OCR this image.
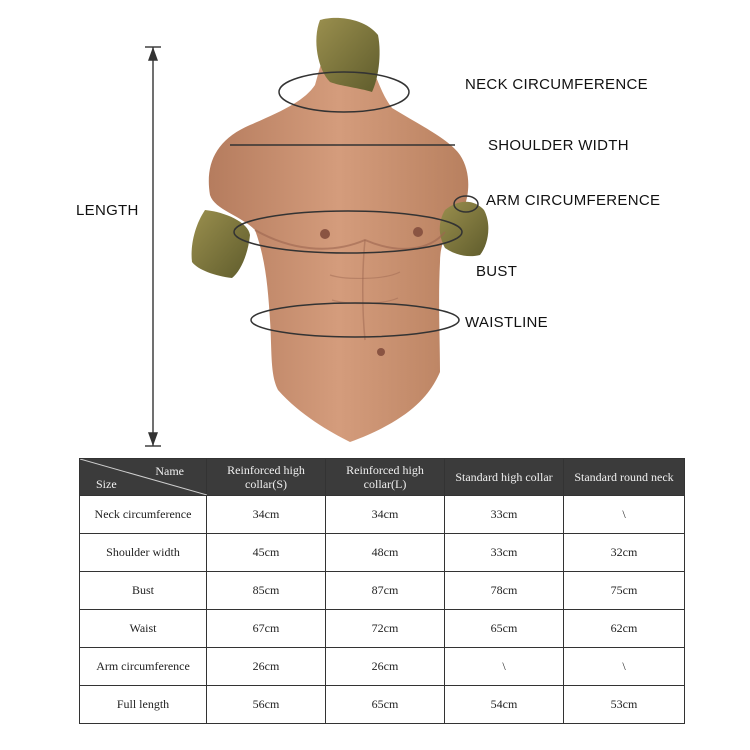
LENGTH
NECK CIRCUMFERENCE
SHOULDER WIDTH
ARM CIRCUMFERENCE
BUST
WAISTLINE
Name
Size	Reinforced high collar(S)	Reinforced high collar(L)	Standard high collar	Standard round neck
Neck circumference	34cm	34cm	33cm	\
Shoulder width	45cm	48cm	33cm	32cm
Bust	85cm	87cm	78cm	75cm
Waist	67cm	72cm	65cm	62cm
Arm circumference	26cm	26cm	\	\
Full length	56cm	65cm	54cm	53cm
